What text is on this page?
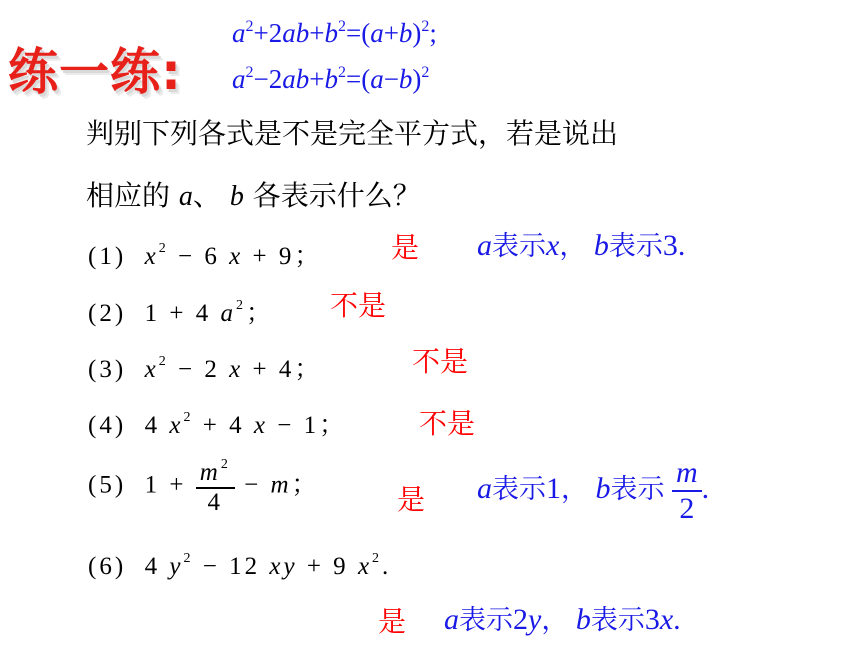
练一练:
$a^2+2ab+b^2=(a+b)^2$;
$a^2-2ab+b^2=(a-b)^2$
判别下列各式是不是完全平方式，若是说出
相应的 a、 b 各表示什么？
(1) $x^2 - 6$ x + 9； 是 a表示x， b表示3.
(2) 1 + 4 $a^2$； 不是
(3) $x^2 - 2$ x + 4；	不是
(4) 4 $x^2 + 4$ x − 1；	不是
(5) $1 + \frac{m^2}{4} - m$；	是 a表示1， b表示 $\frac{m}{2}$ .
(6) 4 $y^2 - 12$ xy + 9 $x^2$.
是 a表示2y， b表示3x.
